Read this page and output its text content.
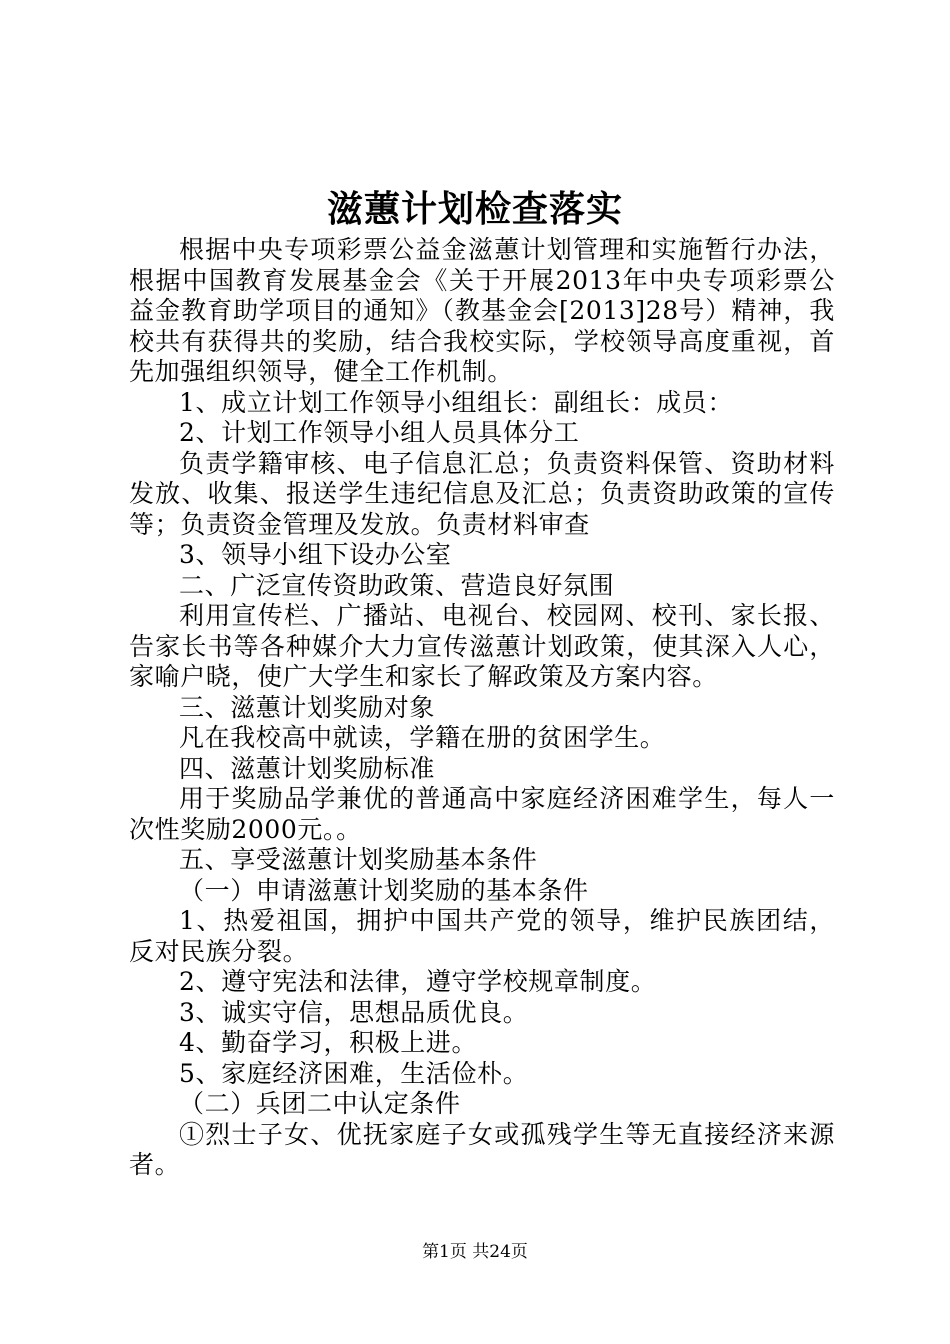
滋蕙计划检查落实

根据中央专项彩票公益金滋蕙计划管理和实施暂行办法，根据中国教育发展基金会《关于开展2013年中央专项彩票公益金教育助学项目的通知》（教基金会[2013]28号）精神，我校共有获得共的奖励，结合我校实际，学校领导高度重视，首先加强组织领导，健全工作机制。

1、成立计划工作领导小组组长：副组长：成员：

2、计划工作领导小组人员具体分工

负责学籍审核、电子信息汇总；负责资料保管、资助材料发放、收集、报送学生违纪信息及汇总；负责资助政策的宣传等；负责资金管理及发放。负责材料审查

3、领导小组下设办公室

二、广泛宣传资助政策、营造良好氛围

利用宣传栏、广播站、电视台、校园网、校刊、家长报、告家长书等各种媒介大力宣传滋蕙计划政策，使其深入人心，家喻户晓，使广大学生和家长了解政策及方案内容。

三、滋蕙计划奖励对象

凡在我校高中就读，学籍在册的贫困学生。

四、滋蕙计划奖励标准

用于奖励品学兼优的普通高中家庭经济困难学生，每人一次性奖励2000元。。

五、享受滋蕙计划奖励基本条件

（一）申请滋蕙计划奖励的基本条件

1、热爱祖国，拥护中国共产党的领导，维护民族团结，反对民族分裂。

2、遵守宪法和法律，遵守学校规章制度。

3、诚实守信，思想品质优良。

4、勤奋学习，积极上进。

5、家庭经济困难，生活俭朴。

（二）兵团二中认定条件

①烈士子女、优抚家庭子女或孤残学生等无直接经济来源者。

第1页 共24页
